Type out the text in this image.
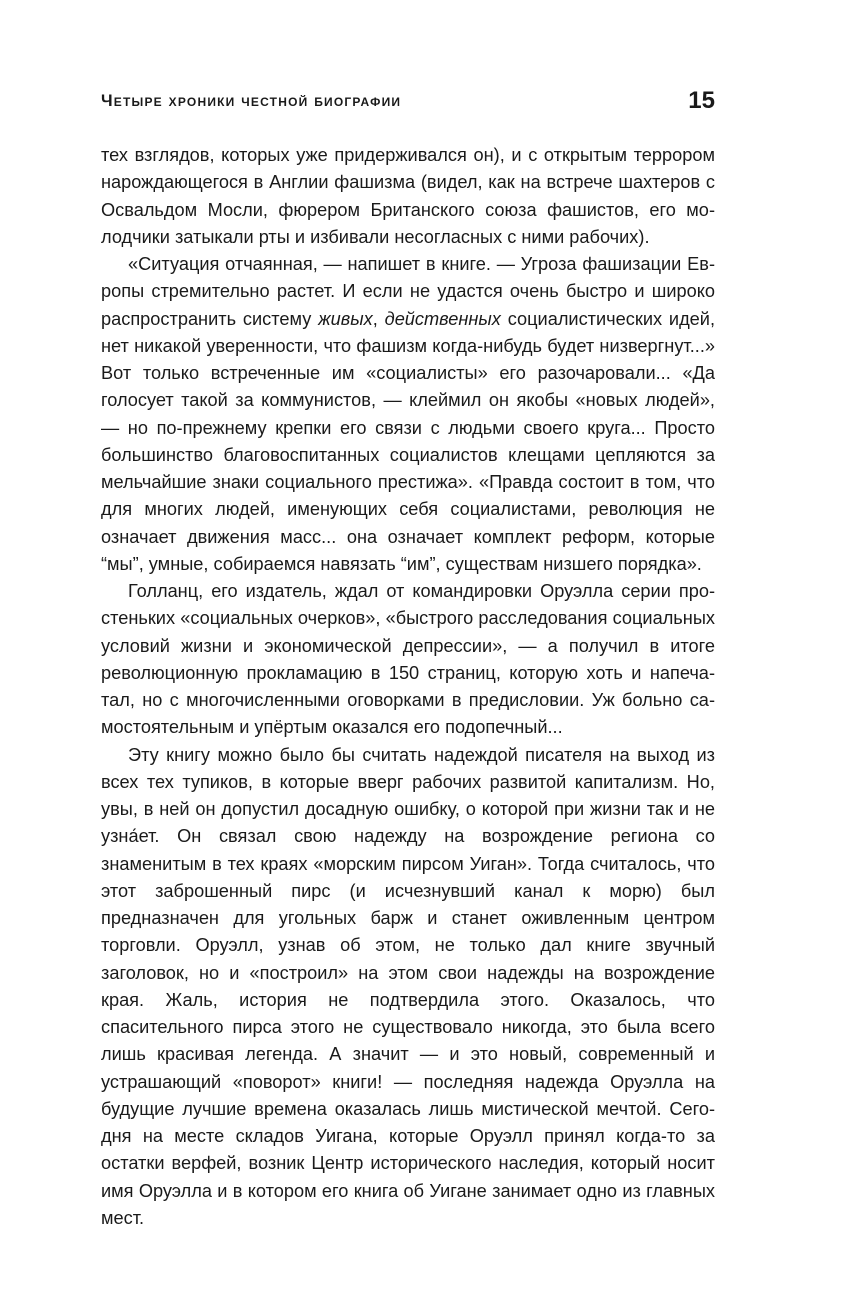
Четыре хроники честной биографии	15

тех взглядов, которых уже придерживался он), и с открытым террором нарождающегося в Англии фашизма (видел, как на встрече шахтеров с Освальдом Мосли, фюрером Британского союза фашистов, его молодчики затыкали рты и избивали несогласных с ними рабочих).

«Ситуация отчаянная, — напишет в книге. — Угроза фашизации Европы стремительно растет. И если не удастся очень быстро и широко распространить систему живых, действенных социалистических идей, нет никакой уверенности, что фашизм когда-нибудь будет низвергнут...» Вот только встреченные им «социалисты» его разочаровали... «Да голосует такой за коммунистов, — клеймил он якобы «новых людей», — но по-прежнему крепки его связи с людьми своего круга... Просто большинство благовоспитанных социалистов клещами цепляются за мельчайшие знаки социального престижа». «Правда состоит в том, что для многих людей, именующих себя социалистами, революция не означает движения масс... она означает комплект реформ, которые “мы”, умные, собираемся навязать “им”, существам низшего порядка».

Голланц, его издатель, ждал от командировки Оруэлла серии простеньких «социальных очерков», «быстрого расследования социальных условий жизни и экономической депрессии», — а получил в итоге революционную прокламацию в 150 страниц, которую хоть и напечатал, но с многочисленными оговорками в предисловии. Уж больно самостоятельным и упёртым оказался его подопечный...

Эту книгу можно было бы считать надеждой писателя на выход из всех тех тупиков, в которые вверг рабочих развитой капитализм. Но, увы, в ней он допустил досадную ошибку, о которой при жизни так и не узна́ет. Он связал свою надежду на возрождение региона со знаменитым в тех краях «морским пирсом Уиган». Тогда считалось, что этот заброшенный пирс (и исчезнувший канал к морю) был предназначен для угольных барж и станет оживленным центром торговли. Оруэлл, узнав об этом, не только дал книге звучный заголовок, но и «построил» на этом свои надежды на возрождение края. Жаль, история не подтвердила этого. Оказалось, что спасительного пирса этого не существовало никогда, это была всего лишь красивая легенда. А значит — и это новый, современный и устрашающий «поворот» книги! — последняя надежда Оруэлла на будущие лучшие времена оказалась лишь мистической мечтой. Сегодня на месте складов Уигана, которые Оруэлл принял когда-то за остатки верфей, возник Центр исторического наследия, который носит имя Оруэлла и в котором его книга об Уигане занимает одно из главных мест.
